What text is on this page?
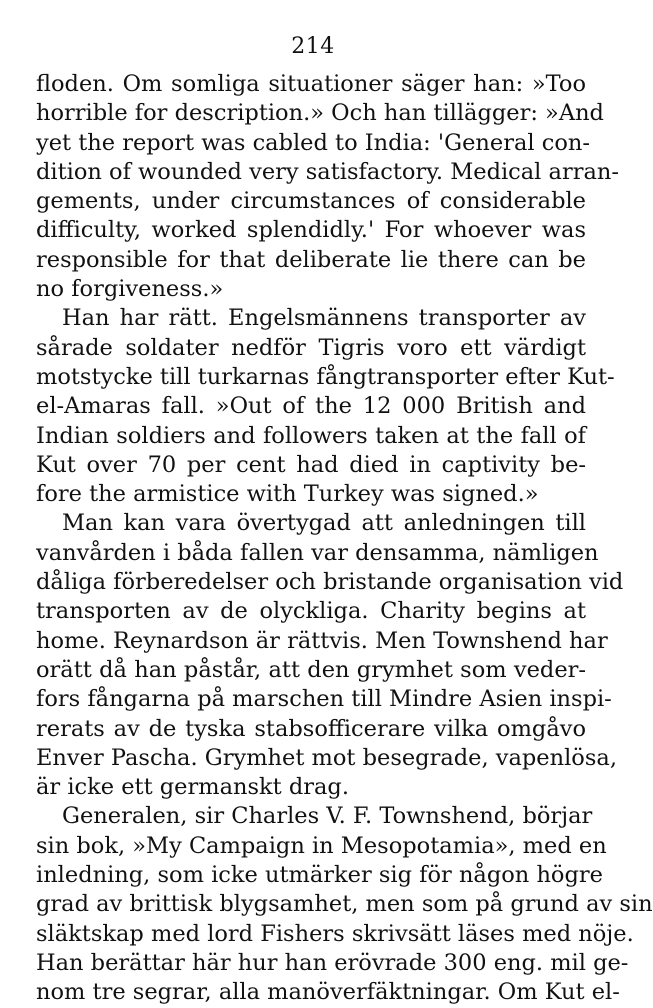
214
floden. Om somliga situationer säger han: »Too
horrible for description.» Och han tillägger: »And
yet the report was cabled to India: 'General con-
dition of wounded very satisfactory. Medical arran-
gements, under circumstances of considerable
difficulty, worked splendidly.' For whoever was
responsible for that deliberate lie there can be
no forgiveness.»
Han har rätt. Engelsmännens transporter av
sårade soldater nedför Tigris voro ett värdigt
motstycke till turkarnas fångtransporter efter Kut-
el-Amaras fall. »Out of the 12 000 British and
Indian soldiers and followers taken at the fall of
Kut over 70 per cent had died in captivity be-
fore the armistice with Turkey was signed.»
Man kan vara övertygad att anledningen till
vanvården i båda fallen var densamma, nämligen
dåliga förberedelser och bristande organisation vid
transporten av de olyckliga. Charity begins at
home. Reynardson är rättvis. Men Townshend har
orätt då han påstår, att den grymhet som veder-
fors fångarna på marschen till Mindre Asien inspi-
rerats av de tyska stabsofficerare vilka omgåvo
Enver Pascha. Grymhet mot besegrade, vapenlösa,
är icke ett germanskt drag.
Generalen, sir Charles V. F. Townshend, börjar
sin bok, »My Campaign in Mesopotamia», med en
inledning, som icke utmärker sig för någon högre
grad av brittisk blygsamhet, men som på grund av sin
släktskap med lord Fishers skrivsätt läses med nöje.
Han berättar här hur han erövrade 300 eng. mil ge-
nom tre segrar, alla manöverfäktningar. Om Kut el-
